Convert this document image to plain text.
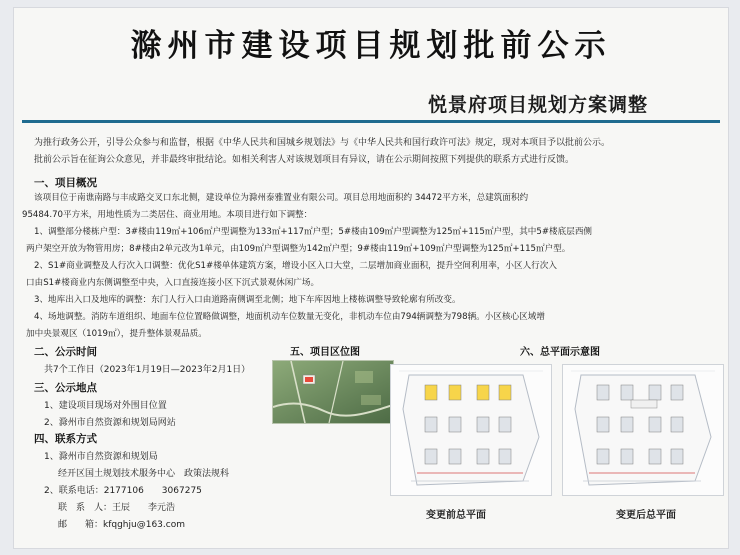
滁州市建设项目规划批前公示
悦景府项目规划方案调整
为推行政务公开，引导公众参与和监督，根据《中华人民共和国城乡规划法》与《中华人民共和国行政许可法》规定，现对本项目予以批前公示。
批前公示旨在征询公众意见，并非最终审批结论。如相关利害人对该规划项目有异议，请在公示期间按照下列提供的联系方式进行反馈。
一、项目概况
该项目位于南谯南路与丰成路交叉口东北侧，建设单位为滁州泰雅置业有限公司。项目总用地面积约 34472平方米，总建筑面积约
95484.70平方米，用地性质为二类居住、商业用地。本项目进行如下调整：
1、调整部分楼栋户型：3#楼由119㎡+106㎡户型调整为133㎡+117㎡户型；5#楼由109㎡户型调整为125㎡+115㎡户型，其中5#楼底层西侧
两户架空开放为物管用房；8#楼由2单元改为1单元，由109㎡户型调整为142㎡户型；9#楼由119㎡+109㎡户型调整为125㎡+115㎡户型。
2、S1#商业调整及人行次入口调整：优化S1#楼单体建筑方案，增设小区入口大堂，二层增加商业面积，提升空间利用率，小区人行次入
口由S1#楼商业内东侧调整至中央，入口直接连接小区下沉式景观休闲广场。
3、地库出入口及地库的调整：东门人行入口由道路南侧调至北侧；地下车库因地上楼栋调整导致轮廓有所改变。
4、场地调整。消防车道组织、地面车位位置略做调整，地面机动车位数量无变化，非机动车位由794辆调整为798辆。小区核心区域增
加中央景观区（1019㎡），提升整体景观品质。
二、公示时间
共7个工作日（2023年1月19日—2023年2月1日）
三、公示地点
1、建设项目现场对外围目位置
2、滁州市自然资源和规划局网站
四、联系方式
1、滁州市自然资源和规划局
经开区国土规划技术服务中心　政策法规科
2、联系电话：2177106　　3067275
联　系　人：王辰　　李元浩
邮　　箱：kfqghju@163.com
五、项目区位图	六、总平面示意图
变更前总平面	变更后总平面
